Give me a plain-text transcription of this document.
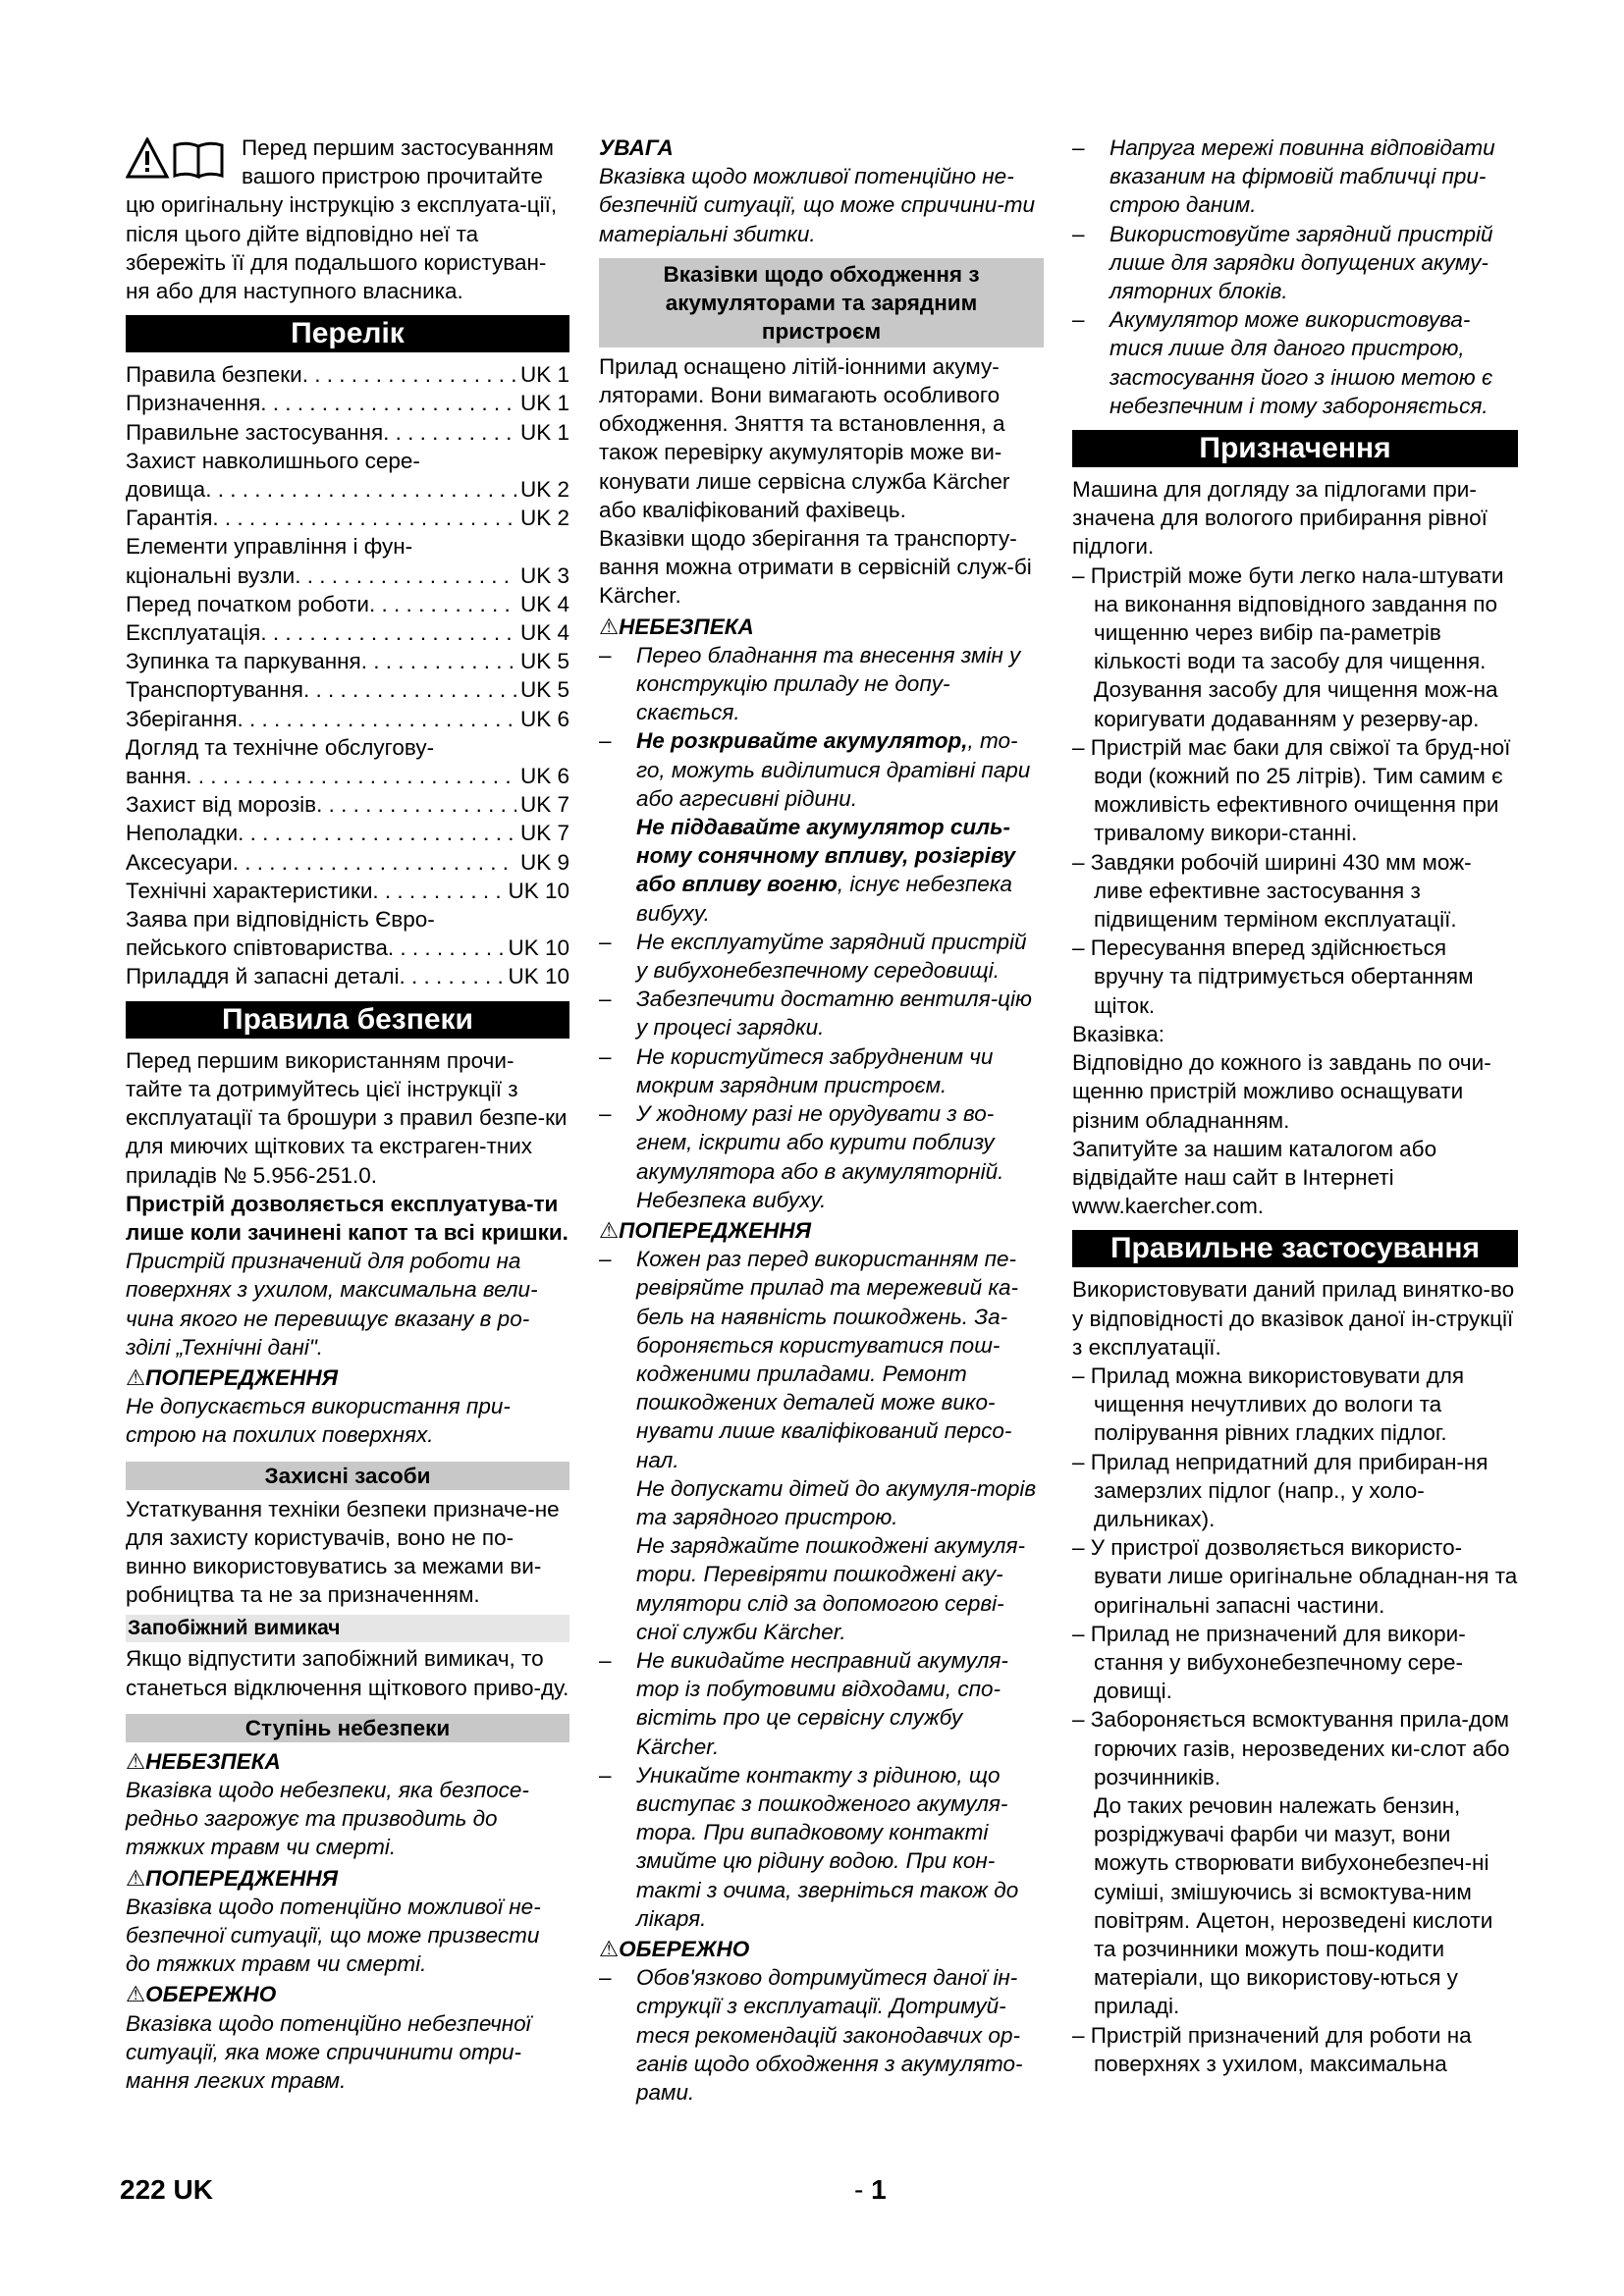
Перед першим застосуванням вашого пристрою прочитайте цю оригінальну інструкцію з експлуата-ції, після цього дійте відповідно неї та збережіть її для подальшого користуван-ня або для наступного власника.

Перелік
Правила безпеки . . .	UK 1
Призначення . . .	UK 1
Правильне застосування . . .	UK 1
Захист навколишнього сере-
довища . . .	UK 2
Гарантія . . .	UK 2
Елементи управління і фун-
кціональні вузли . . .	UK 3
Перед початком роботи . . .	UK 4
Експлуатація . . .	UK 4
Зупинка та паркування . . .	UK 5
Транспортування . . .	UK 5
Зберігання . . .	UK 6
Догляд та технічне обслугову-
вання . . .	UK 6
Захист від морозів . . .	UK 7
Неполадки . . .	UK 7
Аксесуари . . .	UK 9
Технічні характеристики . . .	UK 10
Заява при відповідність Євро-
пейського співтовариства . . .	UK 10
Приладдя й запасні деталі . . .	UK 10
Правила безпеки

Перед першим використанням прочи-тайте та дотримуйтесь цієї інструкції з експлуатації та брошури з правил безпе-ки для миючих щіткових та екстраген-тних приладів № 5.956-251.0.

Пристрій дозволяється експлуатува-ти лише коли зачинені капот та всі кришки.

Пристрій призначений для роботи на поверхнях з ухилом, максимальна вели-чина якого не перевищує вказану в ро-зділі „Технічні дані".

⚠ПОПЕРЕДЖЕННЯ

Не допускається використання при-строю на похилих поверхнях.

Захисні засоби

Устаткування техніки безпеки призначе-не для захисту користувачів, воно не по-винно використовуватись за межами ви-робництва та не за призначенням.

Запобіжний вимикач

Якщо відпустити запобіжний вимикач, то станеться відключення щіткового приво-ду.

Ступінь небезпеки

⚠НЕБЕЗПЕКА

Вказівка щодо небезпеки, яка безпосе-редньо загрожує та призводить до тяжких травм чи смерті.

⚠ПОПЕРЕДЖЕННЯ

Вказівка щодо потенційно можливої не-безпечної ситуації, що може призвести до тяжких травм чи смерті.

⚠ОБЕРЕЖНО

Вказівка щодо потенційно небезпечної ситуації, яка може спричинити отри-мання легких травм.

УВАГА

Вказівка щодо можливої потенційно не-безпечній ситуації, що може спричини-ти матеріальні збитки.

Вказівки щодо обходження з акумуляторами та зарядним пристроєм

Прилад оснащено літій-іонними акуму-ляторами. Вони вимагають особливого обходження. Зняття та встановлення, а також перевірку акумуляторів може ви-конувати лише сервісна служба Kärcher або кваліфікований фахівець.

Вказівки щодо зберігання та транспорту-вання можна отримати в сервісній служ-бі Kärcher.

⚠НЕБЕЗПЕКА

–	Перео бладнання та внесення змін у конструкцію приладу не допу-скається.
–	Не розкривайте акумулятор,, то-го, можуть виділитися дратівні пари або агресивні рідини.
Не піддавайте акумулятор силь-ному сонячному впливу, розігріву або впливу вогню, існує небезпека вибуху.
–	Не експлуатуйте зарядний пристрій у вибухонебезпечному середовищі.
–	Забезпечити достатню вентиля-цію у процесі зарядки.
–	Не користуйтеся забрудненим чи мокрим зарядним пристроєм.
–	У жодному разі не орудувати з во-гнем, іскрити або курити поблизу акумулятора або в акумуляторній. Небезпека вибуху.

⚠ПОПЕРЕДЖЕННЯ

–	Кожен раз перед використанням пе-ревіряйте прилад та мережевий ка-бель на наявність пошкоджень. За-бороняється користуватися пош-кодженими приладами. Ремонт пошкоджених деталей може вико-нувати лише кваліфікований персо-нал.
Не допускати дітей до акумуля-торів та зарядного пристрою.
Не заряджайте пошкоджені акумуля-тори. Перевіряти пошкоджені аку-мулятори слід за допомогою серві-сної служби Kärcher.
–	Не викидайте несправний акумуля-тор із побутовими відходами, спо-віcтіть про це сервісну службу Kärcher.
–	Уникайте контакту з рідиною, що виступає з пошкодженого акумуля-тора. При випадковому контакті змийте цю рідину водою. При кон-такті з очима, зверніться також до лікаря.

⚠ОБЕРЕЖНО

–	Обов'язково дотримуйтеся даної ін-струкції з експлуатації. Дотримуй-теся рекомендацій законодавчих ор-ганів щодо обходження з акумулято-рами.
–	Напруга мережі повинна відповідати вказаним на фірмовій табличці при-строю даним.
–	Використовуйте зарядний пристрій лише для зарядки допущених акуму-ляторних блоків.
–	Акумулятор може використовува-тися лише для даного пристрою, застосування його з іншою метою є небезпечним і тому забороняється.
Призначення

Машина для догляду за підлогами при-значена для вологого прибирання рівної підлоги.

– Пристрій може бути легко нала-штувати на виконання відповідного завдання по чищенню через вибір па-раметрів кількості води та засобу для чищення.

Дозування засобу для чищення мож-на коригувати додаванням у резерву-ар.

– Пристрій має баки для свіжої та бруд-ної води (кожний по 25 літрів). Тим самим є можливість ефективного очищення при тривалому викори-станні.

– Завдяки робочій ширині 430 мм мож-ливе ефективне застосування з підвищеним терміном експлуатації.

– Пересування вперед здійснюється вручну та підтримується обертанням щіток.

Вказівка:

Відповідно до кожного із завдань по очи-щенню пристрій можливо оснащувати різним обладнанням.

Запитуйте за нашим каталогом або відвідайте наш сайт в Інтернеті www.kaercher.com.

Правильне застосування

Використовувати даний прилад винятко-во у відповідності до вказівок даної ін-струкції з експлуатації.

– Прилад можна використовувати для чищення нечутливих до вологи та полірування рівних гладких підлог.

– Прилад непридатний для прибиран-ня замерзлих підлог (напр., у холо-дильниках).

– У пристрої дозволяється використо-вувати лише оригінальне обладнан-ня та оригінальні запасні частини.

– Прилад не призначений для викори-стання у вибухонебезпечному сере-довищі.

– Забороняється всмоктування прила-дом горючих газів, нерозведених ки-слот або розчинників.

До таких речовин належать бензин, розріджувачі фарби чи мазут, вони можуть створювати вибухонебезпеч-ні суміші, змішуючись зі всмоктува-ним повітрям. Ацетон, нерозведені кислоти та розчинники можуть пош-кодити матеріали, що використову-ються у приладі.

– Пристрій призначений для роботи на поверхнях з ухилом, максимальна

222 UK	- 1
